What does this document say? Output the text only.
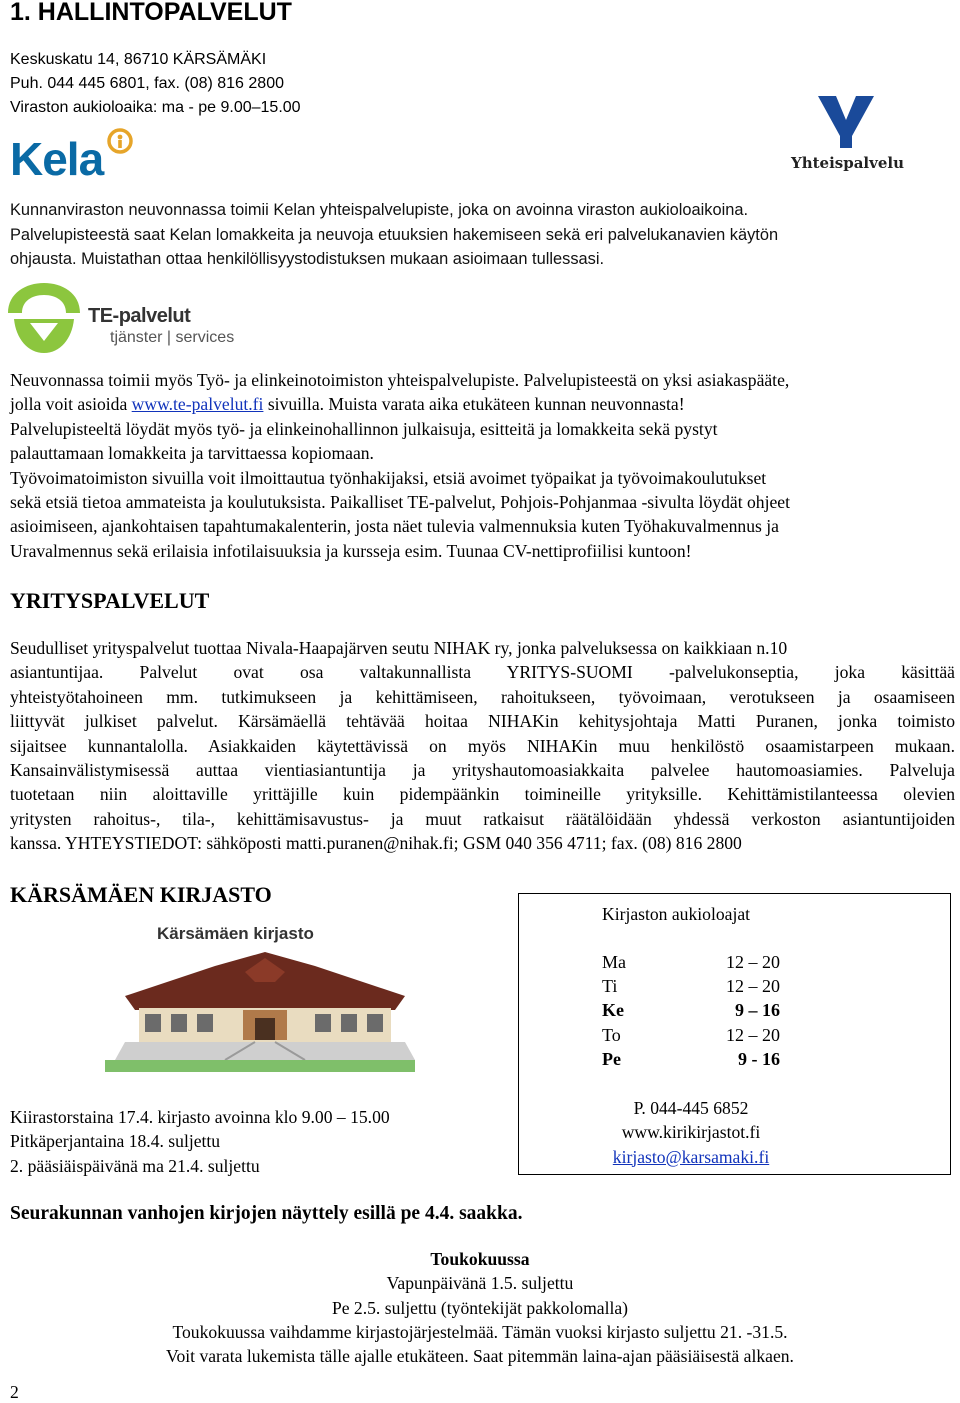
1. HALLINTOPALVELUT
Keskuskatu 14, 86710 KÄRSÄMÄKI
Puh. 044 445 6801, fax. (08) 816 2800
Viraston aukioloaika: ma - pe 9.00–15.00
Kela	Yhteispalvelu
Kunnanviraston neuvonnassa toimii Kelan yhteispalvelupiste, joka on avoinna viraston aukioloaikoina.
Palvelupisteestä saat Kelan lomakkeita ja neuvoja etuuksien hakemiseen sekä eri palvelukanavien käytön
ohjausta. Muistathan ottaa henkilöllisyystodistuksen mukaan asioimaan tullessasi.
TE-palvelut
tjänster | services
Neuvonnassa toimii myös Työ- ja elinkeinotoimiston yhteispalvelupiste. Palvelupisteestä on yksi asiakaspääte,
jolla voit asioida www.te-palvelut.fi sivuilla. Muista varata aika etukäteen kunnan neuvonnasta!
Palvelupisteeltä löydät myös työ- ja elinkeinohallinnon julkaisuja, esitteitä ja lomakkeita sekä pystyt
palauttamaan lomakkeita ja tarvittaessa kopiomaan.
Työvoimatoimiston sivuilla voit ilmoittautua työnhakijaksi, etsiä avoimet työpaikat ja työvoimakoulutukset
sekä etsiä tietoa ammateista ja koulutuksista. Paikalliset TE-palvelut, Pohjois-Pohjanmaa -sivulta löydät ohjeet
asioimiseen, ajankohtaisen tapahtumakalenterin, josta näet tulevia valmennuksia kuten Työhakuvalmennus ja
Uravalmennus sekä erilaisia infotilaisuuksia ja kursseja esim. Tuunaa CV-nettiprofiilisi kuntoon!
YRITYSPALVELUT
Seudulliset yrityspalvelut tuottaa Nivala-Haapajärven seutu NIHAK ry, jonka palveluksessa on kaikkiaan n.10
asiantuntijaa. Palvelut ovat osa valtakunnallista YRITYS-SUOMI -palvelukonseptia, joka käsittää
yhteistyötahoineen mm. tutkimukseen ja kehittämiseen, rahoitukseen, työvoimaan, verotukseen ja osaamiseen
liittyvät julkiset palvelut. Kärsämäellä tehtävää hoitaa NIHAKin kehitysjohtaja Matti Puranen, jonka toimisto
sijaitsee kunnantalolla. Asiakkaiden käytettävissä on myös NIHAKin muu henkilöstö osaamistarpeen mukaan.
Kansainvälistymisessä auttaa vientiasiantuntija ja yrityshautomoasiakkaita palvelee hautomoasiamies. Palveluja
tuotetaan niin aloittaville yrittäjille kuin pidempäänkin toimineille yrityksille. Kehittämistilanteessa olevien
yritysten rahoitus-, tila-, kehittämisavustus- ja muut ratkaisut räätälöidään yhdessä verkoston asiantuntijoiden
kanssa. YHTEYSTIEDOT: sähköposti matti.puranen@nihak.fi; GSM 040 356 4711; fax. (08) 816 2800
KÄRSÄMÄEN KIRJASTO
Kärsämäen kirjasto
Kirjaston aukioloajat
Ma	12 – 20
Ti	12 – 20
Ke	9 – 16
To	12 – 20
Pe	9 - 16
P. 044-445 6852
www.kirikirjastot.fi
kirjasto@karsamaki.fi
Kiirastorstaina 17.4. kirjasto avoinna klo 9.00 – 15.00
Pitkäperjantaina 18.4. suljettu
2. pääsiäispäivänä ma 21.4. suljettu
Seurakunnan vanhojen kirjojen näyttely esillä pe 4.4. saakka.
Toukokuussa
Vapunpäivänä 1.5. suljettu
Pe 2.5. suljettu (työntekijät pakkolomalla)
Toukokuussa vaihdamme kirjastojärjestelmää. Tämän vuoksi kirjasto suljettu 21. -31.5.
Voit varata lukemista tälle ajalle etukäteen. Saat pitemmän laina-ajan pääsiäisestä alkaen.
2
